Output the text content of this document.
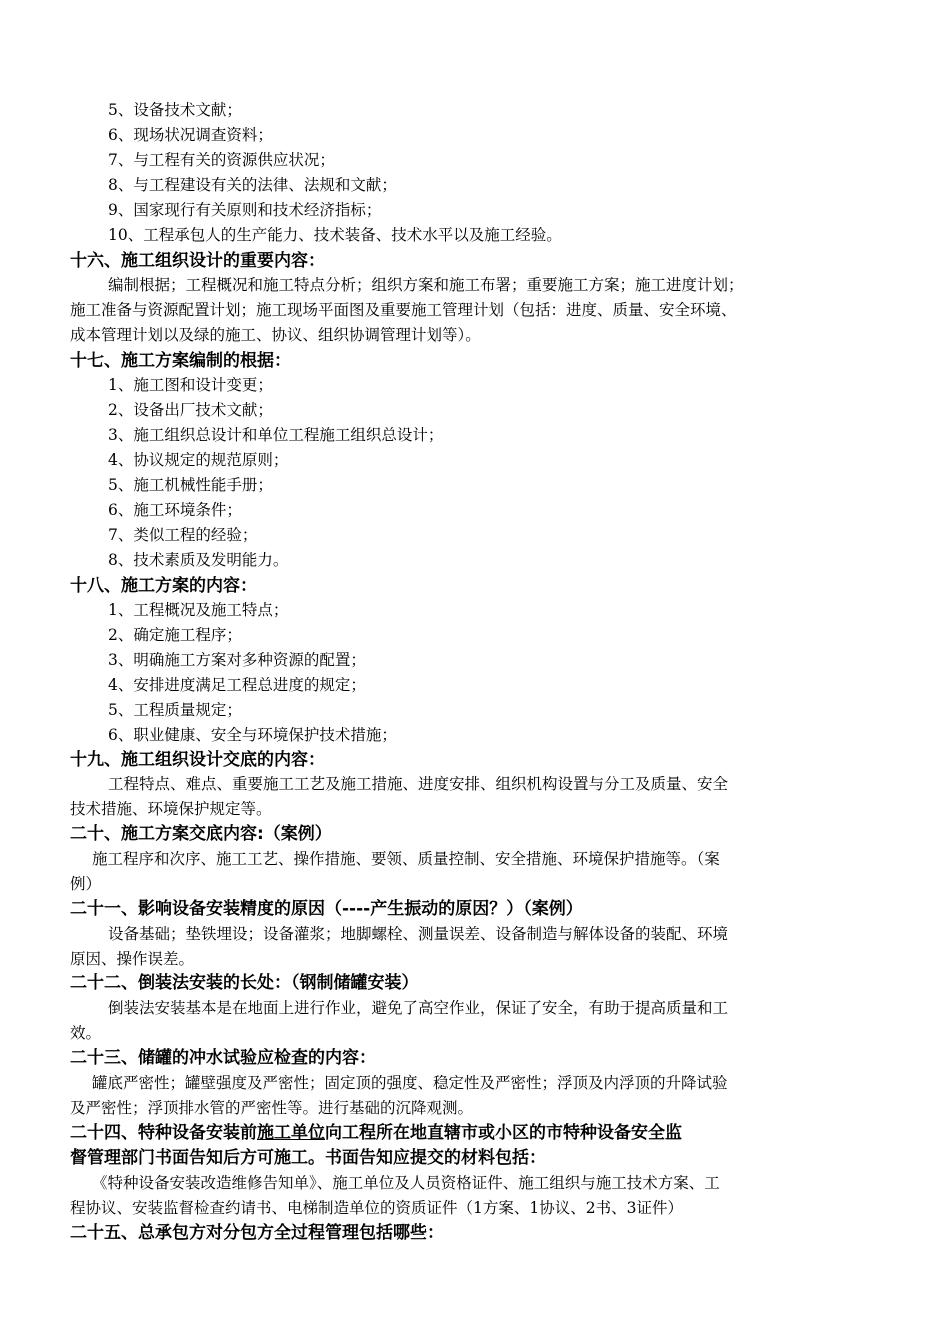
5、设备技术文献；
6、现场状况调查资料；
7、与工程有关的资源供应状况；
8、与工程建设有关的法律、法规和文献；
9、国家现行有关原则和技术经济指标；
10、工程承包人的生产能力、技术装备、技术水平以及施工经验。
十六、施工组织设计的重要内容：
编制根据；工程概况和施工特点分析；组织方案和施工布署；重要施工方案；施工进度计划；
施工准备与资源配置计划；施工现场平面图及重要施工管理计划（包括：进度、质量、安全环境、
成本管理计划以及绿的施工、协议、组织协调管理计划等）。
十七、施工方案编制的根据：
1、施工图和设计变更；
2、设备出厂技术文献；
3、施工组织总设计和单位工程施工组织总设计；
4、协议规定的规范原则；
5、施工机械性能手册；
6、施工环境条件；
7、类似工程的经验；
8、技术素质及发明能力。
十八、施工方案的内容：
1、工程概况及施工特点；
2、确定施工程序；
3、明确施工方案对多种资源的配置；
4、安排进度满足工程总进度的规定；
5、工程质量规定；
6、职业健康、安全与环境保护技术措施；
十九、施工组织设计交底的内容：
工程特点、难点、重要施工工艺及施工措施、进度安排、组织机构设置与分工及质量、安全
技术措施、环境保护规定等。
二十、施工方案交底内容:（案例）
施工程序和次序、施工工艺、操作措施、要领、质量控制、安全措施、环境保护措施等。（案
例）
二十一、影响设备安装精度的原因（----产生振动的原因？）（案例）
设备基础；垫铁埋设；设备灌浆；地脚螺栓、测量误差、设备制造与解体设备的装配、环境
原因、操作误差。
二十二、倒装法安装的长处：（钢制储罐安装）
倒装法安装基本是在地面上进行作业，避免了高空作业，保证了安全，有助于提高质量和工
效。
二十三、储罐的冲水试验应检查的内容：
罐底严密性；罐壁强度及严密性；固定顶的强度、稳定性及严密性；浮顶及内浮顶的升降试验
及严密性；浮顶排水管的严密性等。进行基础的沉降观测。
二十四、特种设备安装前施工单位向工程所在地直辖市或小区的市特种设备安全监
督管理部门书面告知后方可施工。书面告知应提交的材料包括：
《特种设备安装改造维修告知单》、施工单位及人员资格证件、施工组织与施工技术方案、工
程协议、安装监督检查约请书、电梯制造单位的资质证件（1方案、1协议、2书、3证件）
二十五、总承包方对分包方全过程管理包括哪些：
